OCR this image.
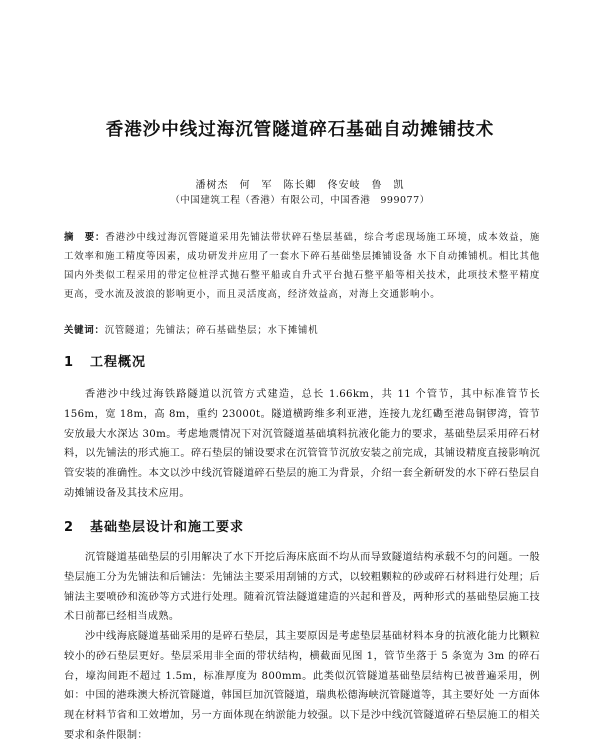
香港沙中线过海沉管隧道碎石基础自动摊铺技术
潘树杰　何　军　陈长卿　佟安岐　鲁　凯
（中国建筑工程（香港）有限公司，中国香港　999077）
摘　要：香港沙中线过海沉管隧道采用先铺法带状碎石垫层基础，综合考虑现场施工环境，成本效益，施工效率和施工精度等因素，成功研发并应用了一套水下碎石基础垫层摊铺设备 水下自动摊铺机。相比其他国内外类似工程采用的带定位桩浮式抛石整平船或自升式平台抛石整平船等相关技术，此项技术整平精度更高，受水流及波浪的影响更小，而且灵活度高，经济效益高，对海上交通影响小。
关键词：沉管隧道；先铺法；碎石基础垫层；水下摊铺机
1 工程概况
香港沙中线过海铁路隧道以沉管方式建造，总长 1.66km，共 11 个管节，其中标准管节长 156m，宽 18m，高 8m，重约 23000t。隧道横跨维多利亚港，连接九龙红磡至港岛铜锣湾，管节安放最大水深达 30m。考虑地震情况下对沉管隧道基础填料抗液化能力的要求，基础垫层采用碎石材料，以先铺法的形式施工。碎石垫层的铺设要求在沉管管节沉放安装之前完成，其铺设精度直接影响沉管安装的准确性。本文以沙中线沉管隧道碎石垫层的施工为背景，介绍一套全新研发的水下碎石垫层自动摊铺设备及其技术应用。
2 基础垫层设计和施工要求
沉管隧道基础垫层的引用解决了水下开挖后海床底面不均从而导致隧道结构承载不匀的问题。一般垫层施工分为先铺法和后铺法：先铺法主要采用刮铺的方式，以较粗颗粒的砂或碎石材料进行处理；后铺法主要喷砂和流砂等方式进行处理。随着沉管法隧道建造的兴起和普及，两种形式的基础垫层施工技术日前都已经相当成熟。
沙中线海底隧道基础采用的是碎石垫层，其主要原因是考虑垫层基础材料本身的抗液化能力比颗粒较小的砂石垫层更好。垫层采用非全面的带状结构，横截面见图 1，管节坐落于 5 条宽为 3m 的碎石台，壕沟间距不超过 1.5m，标准厚度为 800mm。此类似沉管隧道基础垫层结构已被普遍采用，例如：中国的港珠澳大桥沉管隧道，韩国巨加沉管隧道，瑞典松德海峡沉管隧道等，其主要好处 一方面体现在材料节省和工效增加，另一方面体现在纳淤能力较强。以下是沙中线沉管隧道碎石垫层施工的相关要求和条件限制：
